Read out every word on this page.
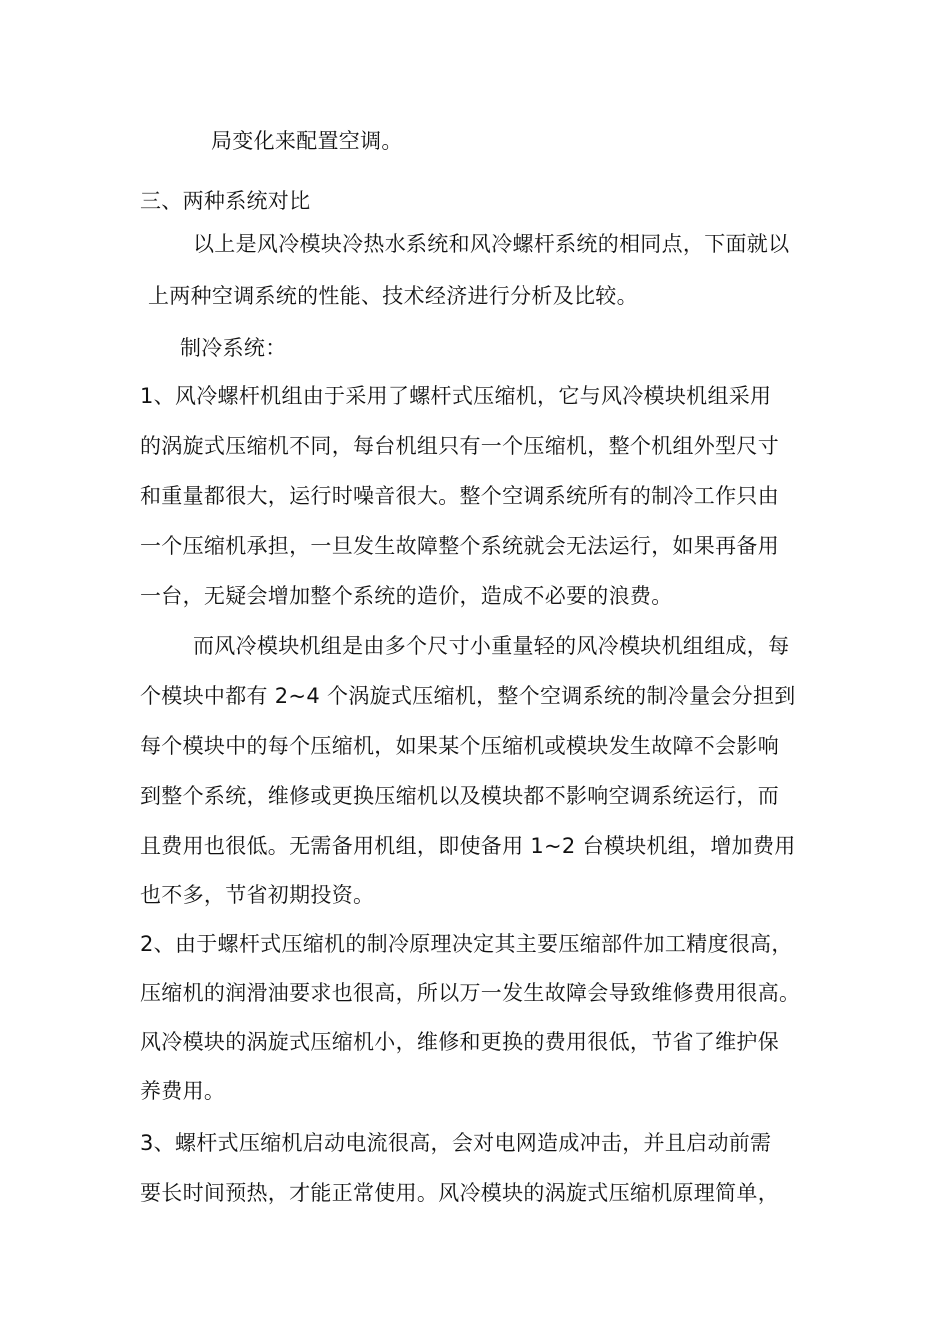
局变化来配置空调。
三、两种系统对比
以上是风冷模块冷热水系统和风冷螺杆系统的相同点，下面就以
上两种空调系统的性能、技术经济进行分析及比较。
制冷系统：
1、风冷螺杆机组由于采用了螺杆式压缩机，它与风冷模块机组采用
的涡旋式压缩机不同，每台机组只有一个压缩机，整个机组外型尺寸
和重量都很大，运行时噪音很大。整个空调系统所有的制冷工作只由
一个压缩机承担，一旦发生故障整个系统就会无法运行，如果再备用
一台，无疑会增加整个系统的造价，造成不必要的浪费。
而风冷模块机组是由多个尺寸小重量轻的风冷模块机组组成，每
个模块中都有 2~4 个涡旋式压缩机，整个空调系统的制冷量会分担到
每个模块中的每个压缩机，如果某个压缩机或模块发生故障不会影响
到整个系统，维修或更换压缩机以及模块都不影响空调系统运行，而
且费用也很低。无需备用机组，即使备用 1~2 台模块机组，增加费用
也不多，节省初期投资。
2、由于螺杆式压缩机的制冷原理决定其主要压缩部件加工精度很高，
压缩机的润滑油要求也很高，所以万一发生故障会导致维修费用很高。
风冷模块的涡旋式压缩机小，维修和更换的费用很低，节省了维护保
养费用。
3、螺杆式压缩机启动电流很高，会对电网造成冲击，并且启动前需
要长时间预热，才能正常使用。风冷模块的涡旋式压缩机原理简单，
